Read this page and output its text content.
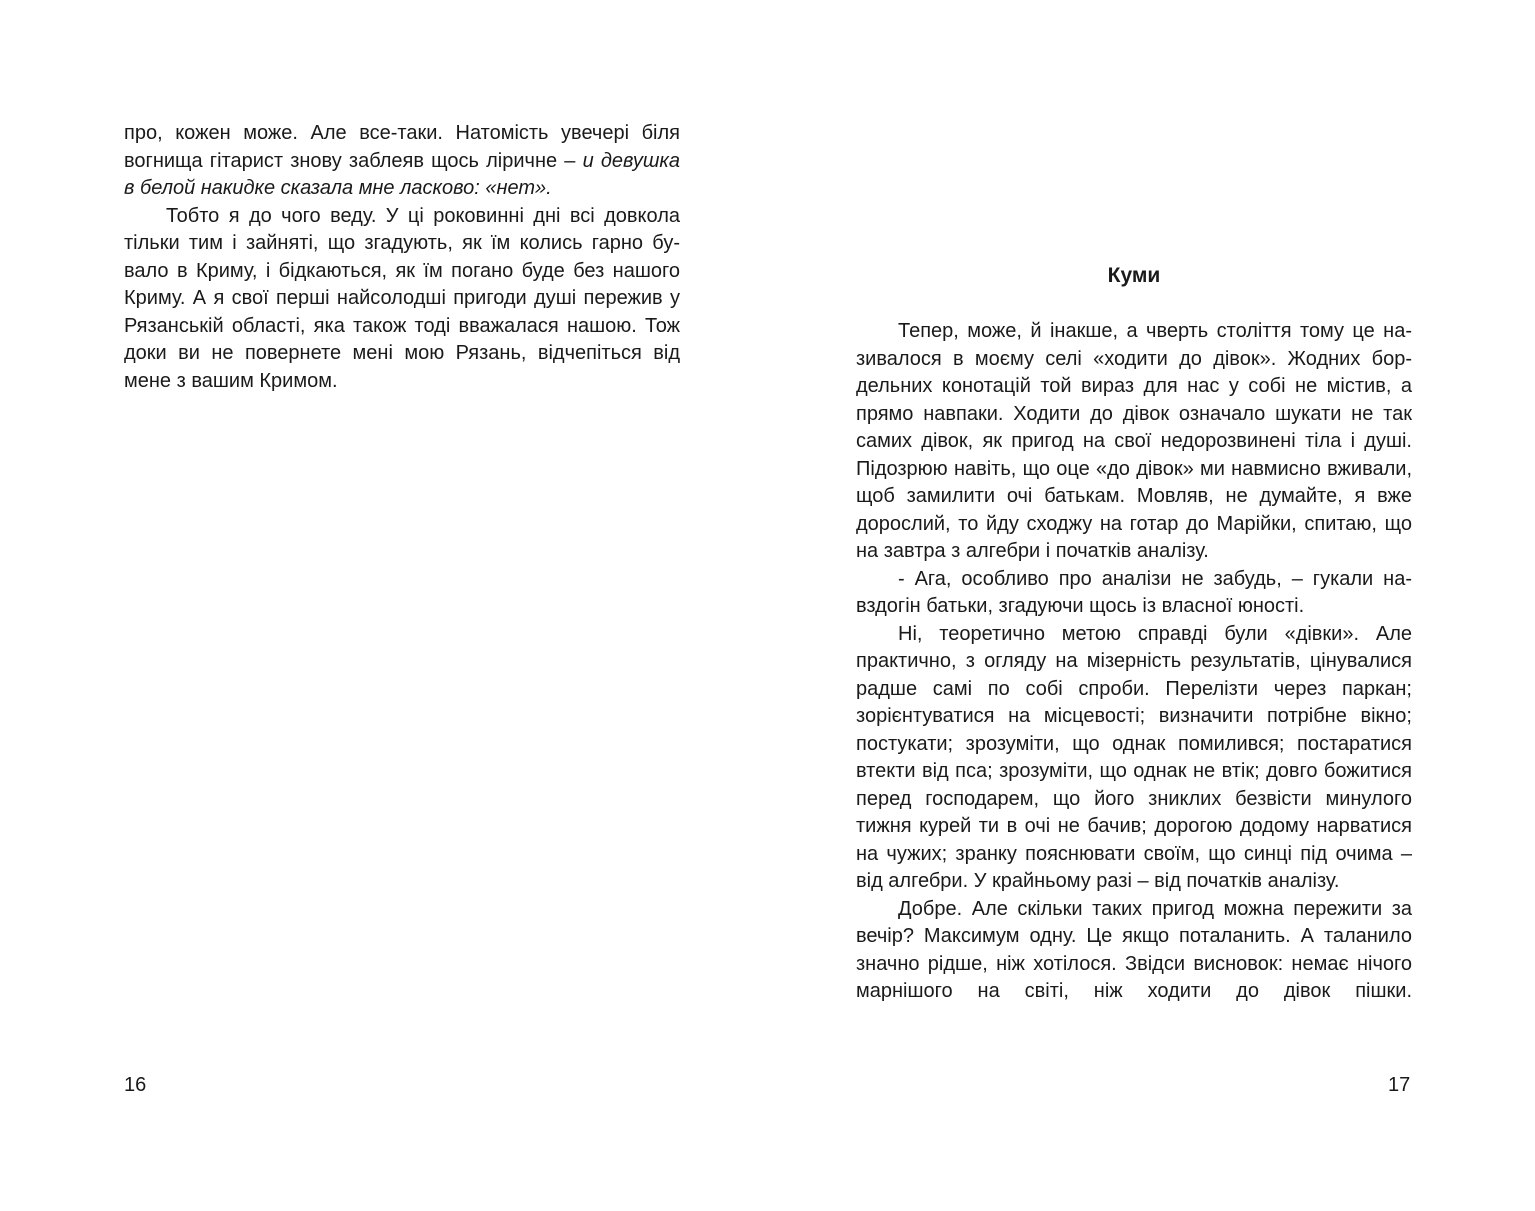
про, кожен може. Але все-таки. Натомість увечері біля вогнища гітарист знову заблеяв щось ліричне – и девушка в белой накидке сказала мне ласково: «нет».

Тобто я до чого веду. У ці роковинні дні всі довкола тільки тим і зайняті, що згадують, як їм колись гарно бувало в Криму, і бідкаються, як їм погано буде без нашого Криму. А я свої перші найсолодші пригоди душі пережив у Рязанській області, яка також тоді вважалася нашою. Тож доки ви не повернете мені мою Рязань, відчепіться від мене з вашим Кримом.

16
Куми

Тепер, може, й інакше, а чверть століття тому це називалося в моєму селі «ходити до дівок». Жодних бордельних конотацій той вираз для нас у собі не містив, а прямо навпаки. Ходити до дівок означало шукати не так самих дівок, як пригод на свої недорозвинені тіла і душі. Підозрюю навіть, що оце «до дівок» ми навмисно вживали, щоб замилити очі батькам. Мовляв, не думайте, я вже дорослий, то йду сходжу на готар до Марійки, спитаю, що на завтра з алгебри і початків аналізу.

- Ага, особливо про аналізи не забудь, – гукали навздогін батьки, згадуючи щось із власної юності.

Ні, теоретично метою справді були «дівки». Але практично, з огляду на мізерність результатів, цінувалися радше самі по собі спроби. Перелізти через паркан; зорієнтуватися на місцевості; визначити потрібне вікно; постукати; зрозуміти, що однак помилився; постаратися втекти від пса; зрозуміти, що однак не втік; довго божитися перед господарем, що його зниклих безвісти минулого тижня курей ти в очі не бачив; дорогою додому нарватися на чужих; зранку пояснювати своїм, що синці під очима – від алгебри. У крайньому разі – від початків аналізу.

Добре. Але скільки таких пригод можна пережити за вечір? Максимум одну. Це якщо поталанить. А таланило значно рідше, ніж хотілося. Звідси висновок: немає нічого марнішого на світі, ніж ходити до дівок пішки.

17
